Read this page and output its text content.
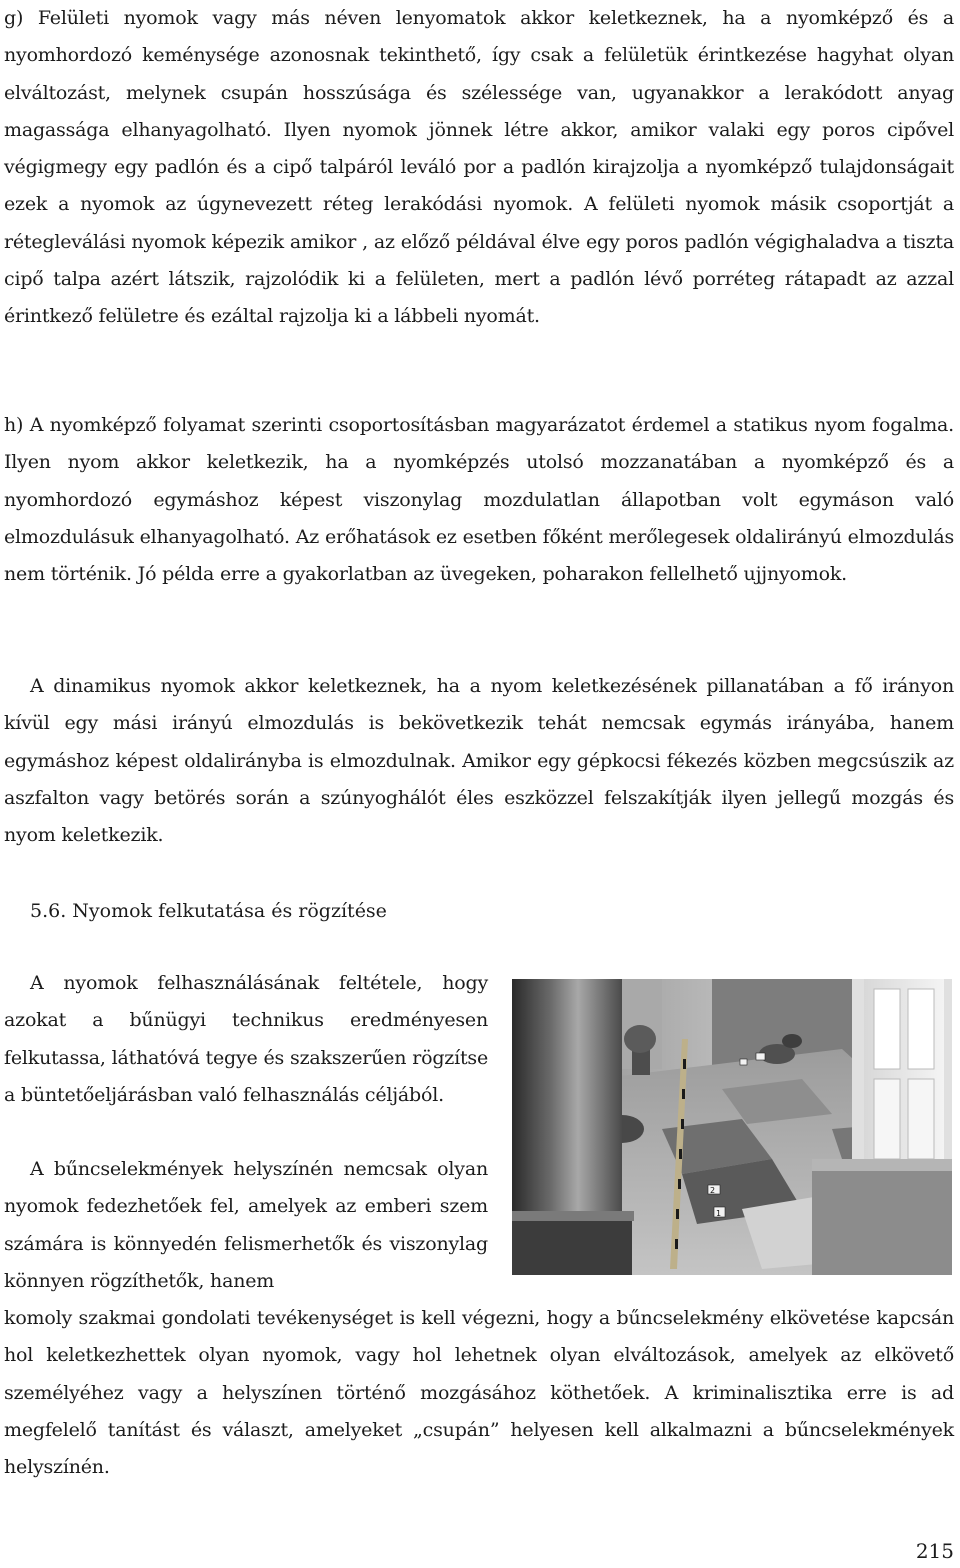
g) Felületi nyomok vagy más néven lenyomatok akkor keletkeznek, ha a nyomképző és a nyomhordozó keménysége azonosnak tekinthető, így csak a felületük érintkezése hagyhat olyan elváltozást, melynek csupán hosszúsága és szélessége van, ugyanakkor a lerakódott anyag magassága elhanyagolható. Ilyen nyomok jönnek létre akkor, amikor valaki egy poros cipővel végigmegy egy padlón és a cipő talpáról leváló por a padlón kirajzolja a nyomképző tulajdonságait ezek a nyomok az úgynevezett réteg lerakódási nyomok. A felületi nyomok másik csoportját a rétegleválási nyomok képezik amikor , az előző példával élve egy poros padlón végighaladva a tiszta cipő talpa azért látszik, rajzolódik ki a felületen, mert a padlón lévő porréteg rátapadt az azzal érintkező felületre és ezáltal rajzolja ki a lábbeli nyomát.

h) A nyomképző folyamat szerinti csoportosításban magyarázatot érdemel a statikus nyom fogalma. Ilyen nyom akkor keletkezik, ha a nyomképzés utolsó mozzanatában a nyomképző és a nyomhordozó egymáshoz képest viszonylag mozdulatlan állapotban volt egymáson való elmozdulásuk elhanyagolható. Az erőhatások ez esetben főként merőlegesek oldalirányú elmozdulás nem történik. Jó példa erre a gyakorlatban az üvegeken, poharakon fellelhető ujjnyomok.

A dinamikus nyomok akkor keletkeznek, ha a nyom keletkezésének pillanatában a fő irányon kívül egy mási irányú elmozdulás is bekövetkezik tehát nemcsak egymás irányába, hanem egymáshoz képest oldalirányba is elmozdulnak. Amikor egy gépkocsi fékezés közben megcsúszik az aszfalton vagy betörés során a szúnyoghálót éles eszközzel felszakítják ilyen jellegű mozgás és nyom keletkezik.

5.6. Nyomok felkutatása és rögzítése

A nyomok felhasználásának feltétele, hogy azokat a bűnügyi technikus eredményesen felkutassa, láthatóvá tegye és szakszerűen rögzítse a büntetőeljárásban való felhasználás céljából.

A bűncselekmények helyszínén nemcsak olyan nyomok fedezhetőek fel, amelyek az emberi szem számára is könnyedén felismerhetők és viszonylag könnyen rögzíthetők, hanem

komoly szakmai gondolati tevékenységet is kell végezni, hogy a bűncselekmény elkövetése kapcsán hol keletkezhettek olyan nyomok, vagy hol lehetnek olyan elváltozások, amelyek az elkövető személyéhez vagy a helyszínen történő mozgásához köthetőek. A kriminalisztika erre is ad megfelelő tanítást és választ, amelyeket „csupán” helyesen kell alkalmazni a bűncselekmények helyszínén.

1
2
215
